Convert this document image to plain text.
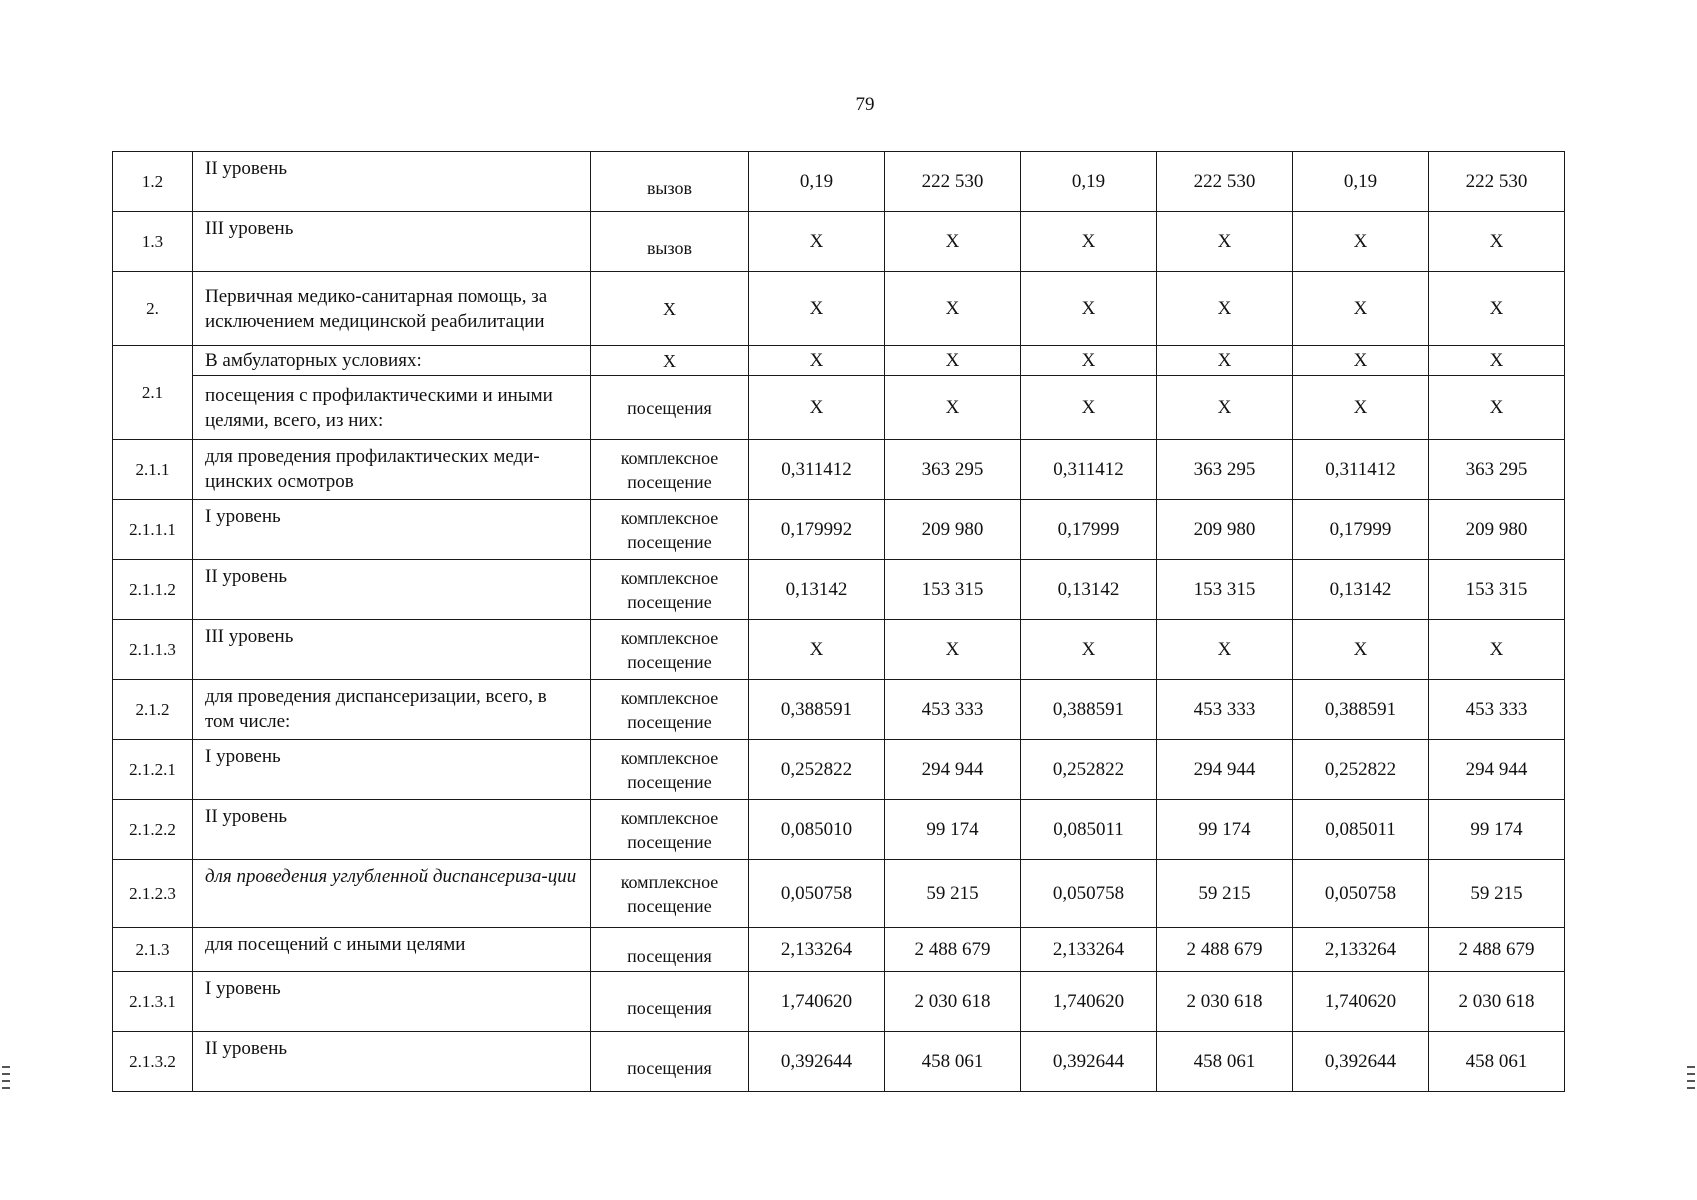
79
1.2	II уровень	вызов	0,19	222 530	0,19	222 530	0,19	222 530
1.3	III уровень	вызов	Х	Х	Х	Х	Х	Х
2.	Первичная медико-санитарная помощь, за исключением медицинской реабилитации	Х	Х	Х	Х	Х	Х	Х
2.1	В амбулаторных условиях:	Х	Х	Х	Х	Х	Х	Х
	посещения с профилактическими и иными целями, всего, из них:	посещения	Х	Х	Х	Х	Х	Х
2.1.1	для проведения профилактических меди-цинских осмотров	комплексное посещение	0,311412	363 295	0,311412	363 295	0,311412	363 295
2.1.1.1	I уровень	комплексное посещение	0,179992	209 980	0,17999	209 980	0,17999	209 980
2.1.1.2	II уровень	комплексное посещение	0,13142	153 315	0,13142	153 315	0,13142	153 315
2.1.1.3	III уровень	комплексное посещение	Х	Х	Х	Х	Х	Х
2.1.2	для проведения диспансеризации, всего, в том числе:	комплексное посещение	0,388591	453 333	0,388591	453 333	0,388591	453 333
2.1.2.1	I уровень	комплексное посещение	0,252822	294 944	0,252822	294 944	0,252822	294 944
2.1.2.2	II уровень	комплексное посещение	0,085010	99 174	0,085011	99 174	0,085011	99 174
2.1.2.3	для проведения углубленной диспансериза-ции	комплексное посещение	0,050758	59 215	0,050758	59 215	0,050758	59 215
2.1.3	для посещений с иными целями	посещения	2,133264	2 488 679	2,133264	2 488 679	2,133264	2 488 679
2.1.3.1	I уровень	посещения	1,740620	2 030 618	1,740620	2 030 618	1,740620	2 030 618
2.1.3.2	II уровень	посещения	0,392644	458 061	0,392644	458 061	0,392644	458 061
